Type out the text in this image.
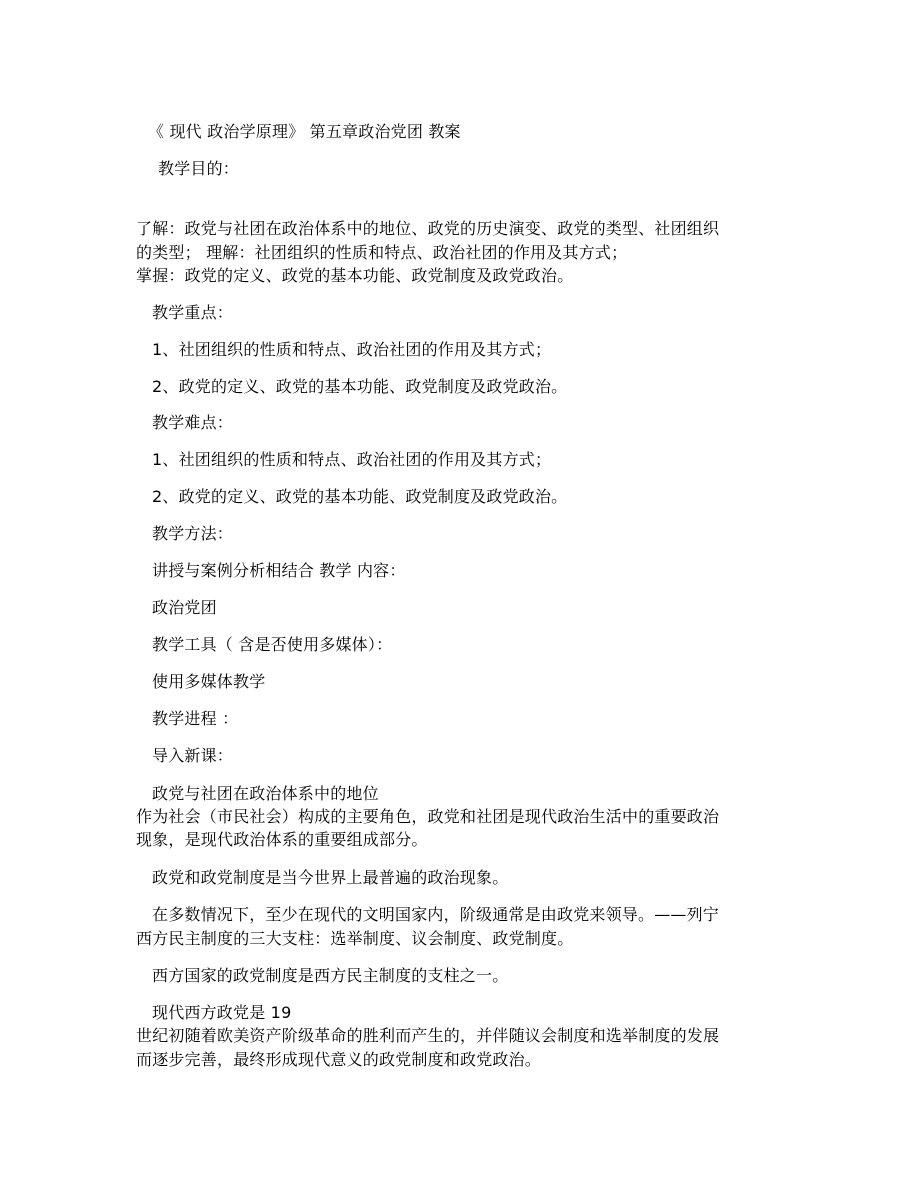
《 现代 政治学原理》 第五章政治党团 教案
教学目的：
了解：政党与社团在政治体系中的地位、政党的历史演变、政党的类型、社团组织
的类型； 理解：社团组织的性质和特点、政治社团的作用及其方式；
掌握：政党的定义、政党的基本功能、政党制度及政党政治。
教学重点：
1、社团组织的性质和特点、政治社团的作用及其方式；
2、政党的定义、政党的基本功能、政党制度及政党政治。
教学难点：
1、社团组织的性质和特点、政治社团的作用及其方式；
2、政党的定义、政党的基本功能、政党制度及政党政治。
教学方法：
讲授与案例分析相结合 教学 内容：
政治党团
教学工具（ 含是否使用多媒体）：
使用多媒体教学
教学进程 ：
导入新课：
政党与社团在政治体系中的地位
作为社会（市民社会）构成的主要角色，政党和社团是现代政治生活中的重要政治
现象，是现代政治体系的重要组成部分。
政党和政党制度是当今世界上最普遍的政治现象。
在多数情况下，至少在现代的文明国家内，阶级通常是由政党来领导。——列宁
西方民主制度的三大支柱：选举制度、议会制度、政党制度。
西方国家的政党制度是西方民主制度的支柱之一。
现代西方政党是 19
世纪初随着欧美资产阶级革命的胜利而产生的，并伴随议会制度和选举制度的发展
而逐步完善，最终形成现代意义的政党制度和政党政治。
